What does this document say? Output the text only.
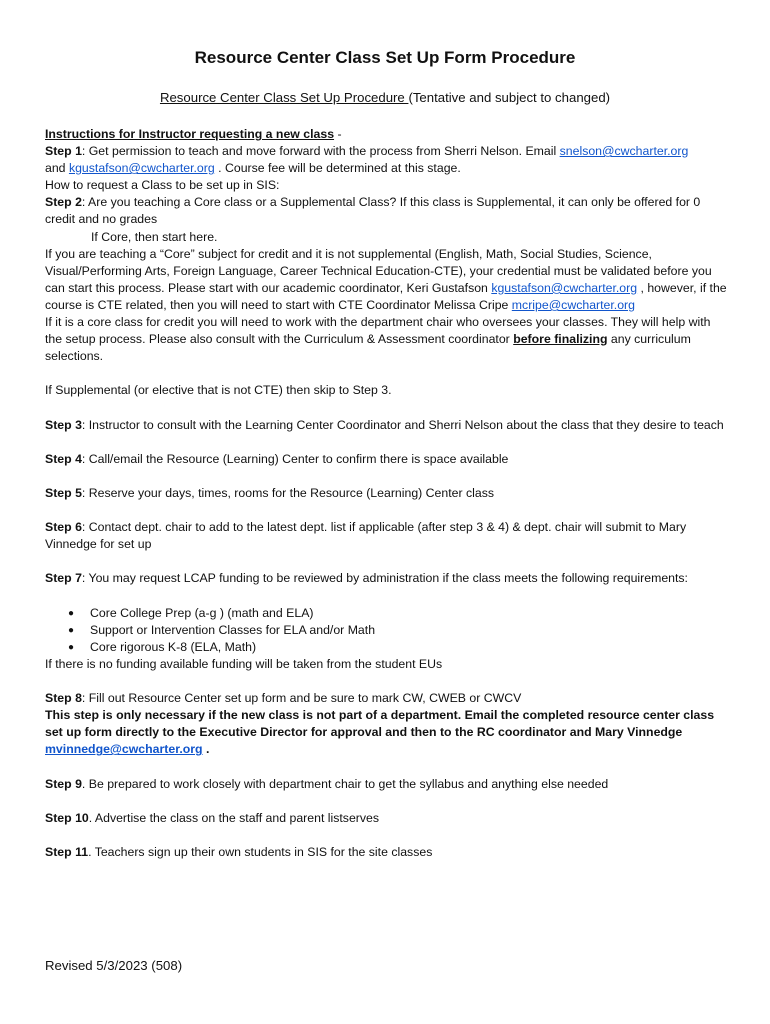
Resource Center Class Set Up Form Procedure
Resource Center Class Set Up Procedure (Tentative and subject to changed)

Instructions for Instructor requesting a new class -

Step 1: Get permission to teach and move forward with the process from Sherri Nelson. Email snelson@cwcharter.org
and kgustafson@cwcharter.org . Course fee will be determined at this stage.

How to request a Class to be set up in SIS:

Step 2: Are you teaching a Core class or a Supplemental Class? If this class is Supplemental, it can only be offered for 0 credit and no grades

If Core, then start here.

If you are teaching a “Core” subject for credit and it is not supplemental (English, Math, Social Studies, Science, Visual/Performing Arts, Foreign Language, Career Technical Education-CTE), your credential must be validated before you can start this process. Please start with our academic coordinator, Keri Gustafson kgustafson@cwcharter.org , however, if the course is CTE related, then you will need to start with CTE Coordinator Melissa Cripe mcripe@cwcharter.org

If it is a core class for credit you will need to work with the department chair who oversees your classes. They will help with the setup process. Please also consult with the Curriculum & Assessment coordinator before finalizing any curriculum selections.

If Supplemental (or elective that is not CTE) then skip to Step 3.

Step 3: Instructor to consult with the Learning Center Coordinator and Sherri Nelson about the class that they desire to teach

Step 4: Call/email the Resource (Learning) Center to confirm there is space available

Step 5: Reserve your days, times, rooms for the Resource (Learning) Center class

Step 6: Contact dept. chair to add to the latest dept. list if applicable (after step 3 & 4) & dept. chair will submit to Mary Vinnedge for set up

Step 7: You may request LCAP funding to be reviewed by administration if the class meets the following requirements:

● Core College Prep (a-g ) (math and ELA)
● Support or Intervention Classes for ELA and/or Math
● Core rigorous K-8 (ELA, Math)

If there is no funding available funding will be taken from the student EUs

Step 8: Fill out Resource Center set up form and be sure to mark CW, CWEB or CWCV

This step is only necessary if the new class is not part of a department. Email the completed resource center class set up form directly to the Executive Director for approval and then to the RC coordinator and Mary Vinnedge mvinnedge@cwcharter.org .

Step 9. Be prepared to work closely with department chair to get the syllabus and anything else needed

Step 10. Advertise the class on the staff and parent listserves

Step 11. Teachers sign up their own students in SIS for the site classes

Revised 5/3/2023 (508)
